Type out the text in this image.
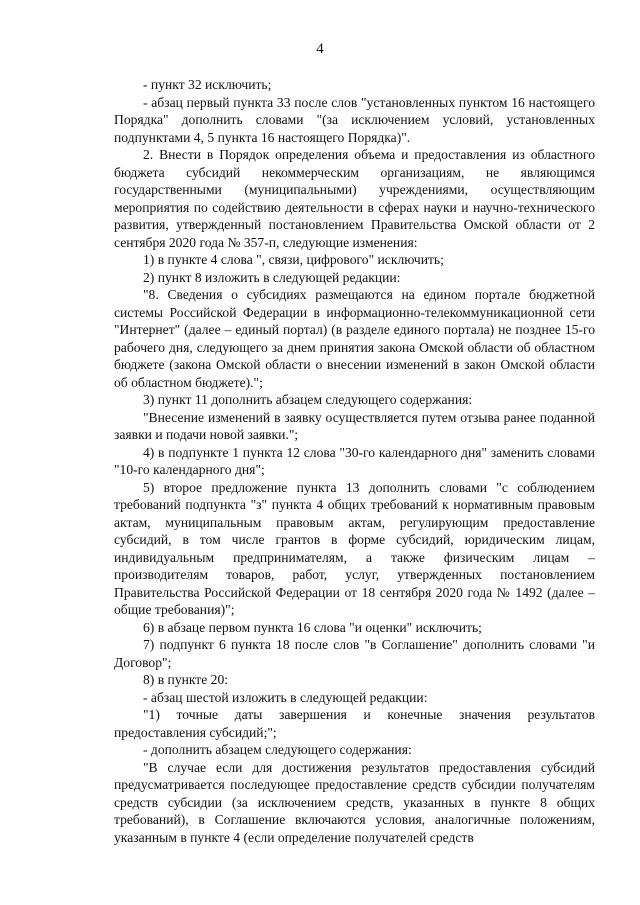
4

- пункт 32 исключить;

- абзац первый пункта 33 после слов "установленных пунктом 16 настоящего Порядка" дополнить словами "(за исключением условий, установленных подпунктами 4, 5 пункта 16 настоящего Порядка)".

2. Внести в Порядок определения объема и предоставления из областного бюджета субсидий некоммерческим организациям, не являющимся государственными (муниципальными) учреждениями, осуществляющим мероприятия по содействию деятельности в сферах науки и научно-технического развития, утвержденный постановлением Правительства Омской области от 2 сентября 2020 года № 357-п, следующие изменения:

1) в пункте 4 слова ", связи, цифрового" исключить;

2) пункт 8 изложить в следующей редакции:

"8. Сведения о субсидиях размещаются на едином портале бюджетной системы Российской Федерации в информационно-телекоммуникационной сети "Интернет" (далее – единый портал) (в разделе единого портала) не позднее 15-го рабочего дня, следующего за днем принятия закона Омской области об областном бюджете (закона Омской области о внесении изменений в закон Омской области об областном бюджете).";

3) пункт 11 дополнить абзацем следующего содержания:

"Внесение изменений в заявку осуществляется путем отзыва ранее поданной заявки и подачи новой заявки.";

4) в подпункте 1 пункта 12 слова "30-го календарного дня" заменить словами "10-го календарного дня";

5) второе предложение пункта 13 дополнить словами "с соблюдением требований подпункта "з" пункта 4 общих требований к нормативным правовым актам, муниципальным правовым актам, регулирующим предоставление субсидий, в том числе грантов в форме субсидий, юридическим лицам, индивидуальным предпринимателям, а также физическим лицам – производителям товаров, работ, услуг, утвержденных постановлением Правительства Российской Федерации от 18 сентября 2020 года № 1492 (далее – общие требования)";

6) в абзаце первом пункта 16 слова "и оценки" исключить;

7) подпункт 6 пункта 18 после слов "в Соглашение" дополнить словами "и Договор";

8) в пункте 20:

- абзац шестой изложить в следующей редакции:

"1) точные даты завершения и конечные значения результатов предоставления субсидий;";

- дополнить абзацем следующего содержания:

"В случае если для достижения результатов предоставления субсидий предусматривается последующее предоставление средств субсидии получателям средств субсидии (за исключением средств, указанных в пункте 8 общих требований), в Соглашение включаются условия, аналогичные положениям, указанным в пункте 4 (если определение получателей средств
